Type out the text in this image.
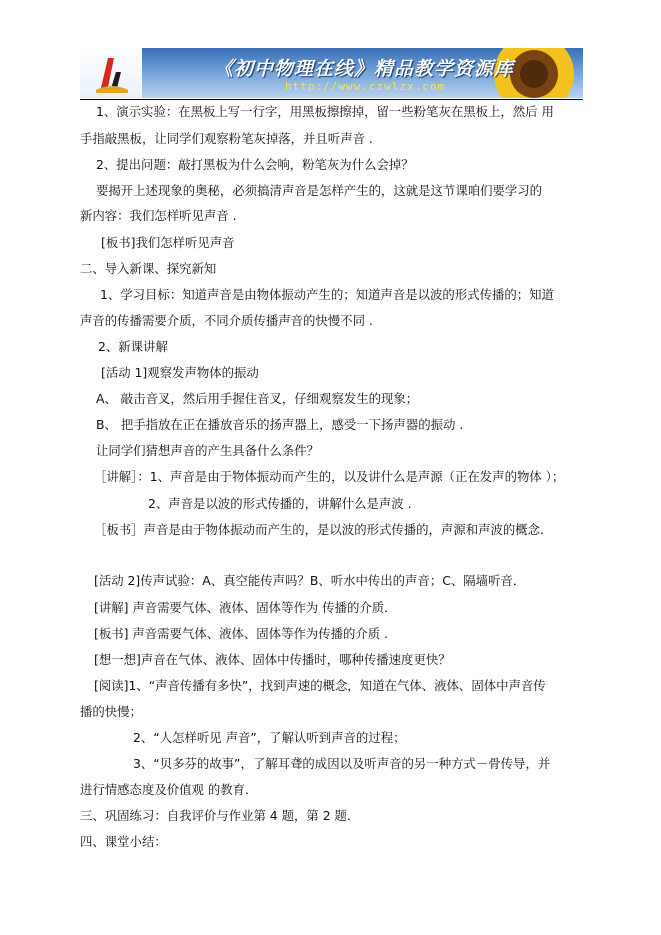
《初中物理在线》精品教学资源库
http://www.czwlzx.com
1、演示实验：在黑板上写一行字，用黑板擦擦掉，留一些粉笔灰在黑板上，然后 用
手指敲黑板，让同学们观察粉笔灰掉落，并且听声音 .
2、提出问题：敲打黑板为什么会响，粉笔灰为什么会掉？
要揭开上述现象的奥秘，必须搞清声音是怎样产生的，这就是这节课咱们要学习的
新内容：我们怎样听见声音 .
[板书]我们怎样听见声音
二、导入新课、探究新知
1、学习目标：知道声音是由物体振动产生的；知道声音是以波的形式传播的；知道
声音的传播需要介质，不同介质传播声音的快慢不同 .
2、新课讲解
[活动 1]观察发声物体的振动
A、 敲击音叉，然后用手握住音叉，仔细观察发生的现象；
B、 把手指放在正在播放音乐的扬声器上，感受一下扬声器的振动 .
让同学们猜想声音的产生具备什么条件？
［讲解］：1、声音是由于物体振动而产生的，以及讲什么是声源（正在发声的物体 ）；
2、声音是以波的形式传播的，讲解什么是声波 .
［板书］声音是由于物体振动而产生的，是以波的形式传播的，声源和声波的概念．
[活动 2]传声试验：A、真空能传声吗？B、听水中传出的声音；C、隔墙听音．
[讲解] 声音需要气体、液体、固体等作为 传播的介质．
[板书] 声音需要气体、液体、固体等作为传播的介质 .
[想一想]声音在气体、液体、固体中传播时，哪种传播速度更快？
[阅读]1、“声音传播有多快”，找到声速的概念，知道在气体、液体、固体中声音传
播的快慢；
2、“人怎样听见 声音”，了解认听到声音的过程；
3、“贝多芬的故事”，了解耳聋的成因以及听声音的另一种方式－骨传导，并
进行情感态度及价值观 的教育．
三、巩固练习：自我评价与作业第 4 题，第 2 题．
四、课堂小结：
